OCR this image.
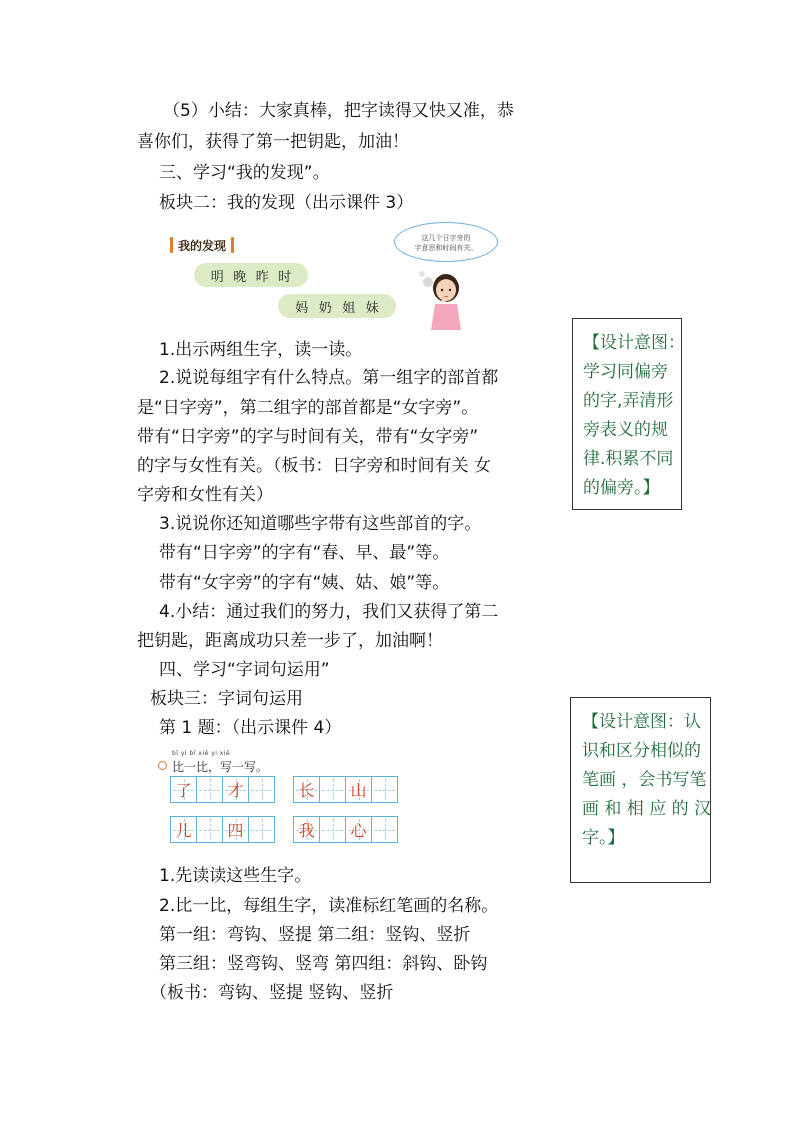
（5）小结：大家真棒，把字读得又快又准，恭
喜你们，获得了第一把钥匙，加油！
三、学习“我的发现”。
板块二：我的发现（出示课件 3）
我的发现
明 晚 昨 时
妈 奶 姐 妹
这几个日字旁的
字意思和时间有关。
1.出示两组生字，读一读。
2.说说每组字有什么特点。第一组字的部首都
是“日字旁”，第二组字的部首都是“女字旁”。
带有“日字旁”的字与时间有关，带有“女字旁”
的字与女性有关。（板书：日字旁和时间有关 女
字旁和女性有关）
3.说说你还知道哪些字带有这些部首的字。
带有“日字旁”的字有“春、早、最”等。
带有“女字旁”的字有“姨、姑、娘”等。
4.小结：通过我们的努力，我们又获得了第二
把钥匙，距离成功只差一步了，加油啊！
四、学习“字词句运用”
板块三：字词句运用
第 1 题：（出示课件 4）
bǐ yì bǐ xiě yi xiě
比一比，写一写。
了 才	长 山
儿 四	我 心
1.先读读这些生字。
2.比一比，每组生字，读准标红笔画的名称。
第一组：弯钩、竖提 第二组：竖钩、竖折
第三组：竖弯钩、竖弯 第四组：斜钩、卧钩
（板书：弯钩、竖提 竖钩、竖折

【设计意图：

学习同偏旁

的字,弄清形

旁表义的规

律.积累不同

的偏旁。】

【设计意图：认

识和区分相似的

笔画 ，会书写笔

画 和 相 应 的 汉

字。】
